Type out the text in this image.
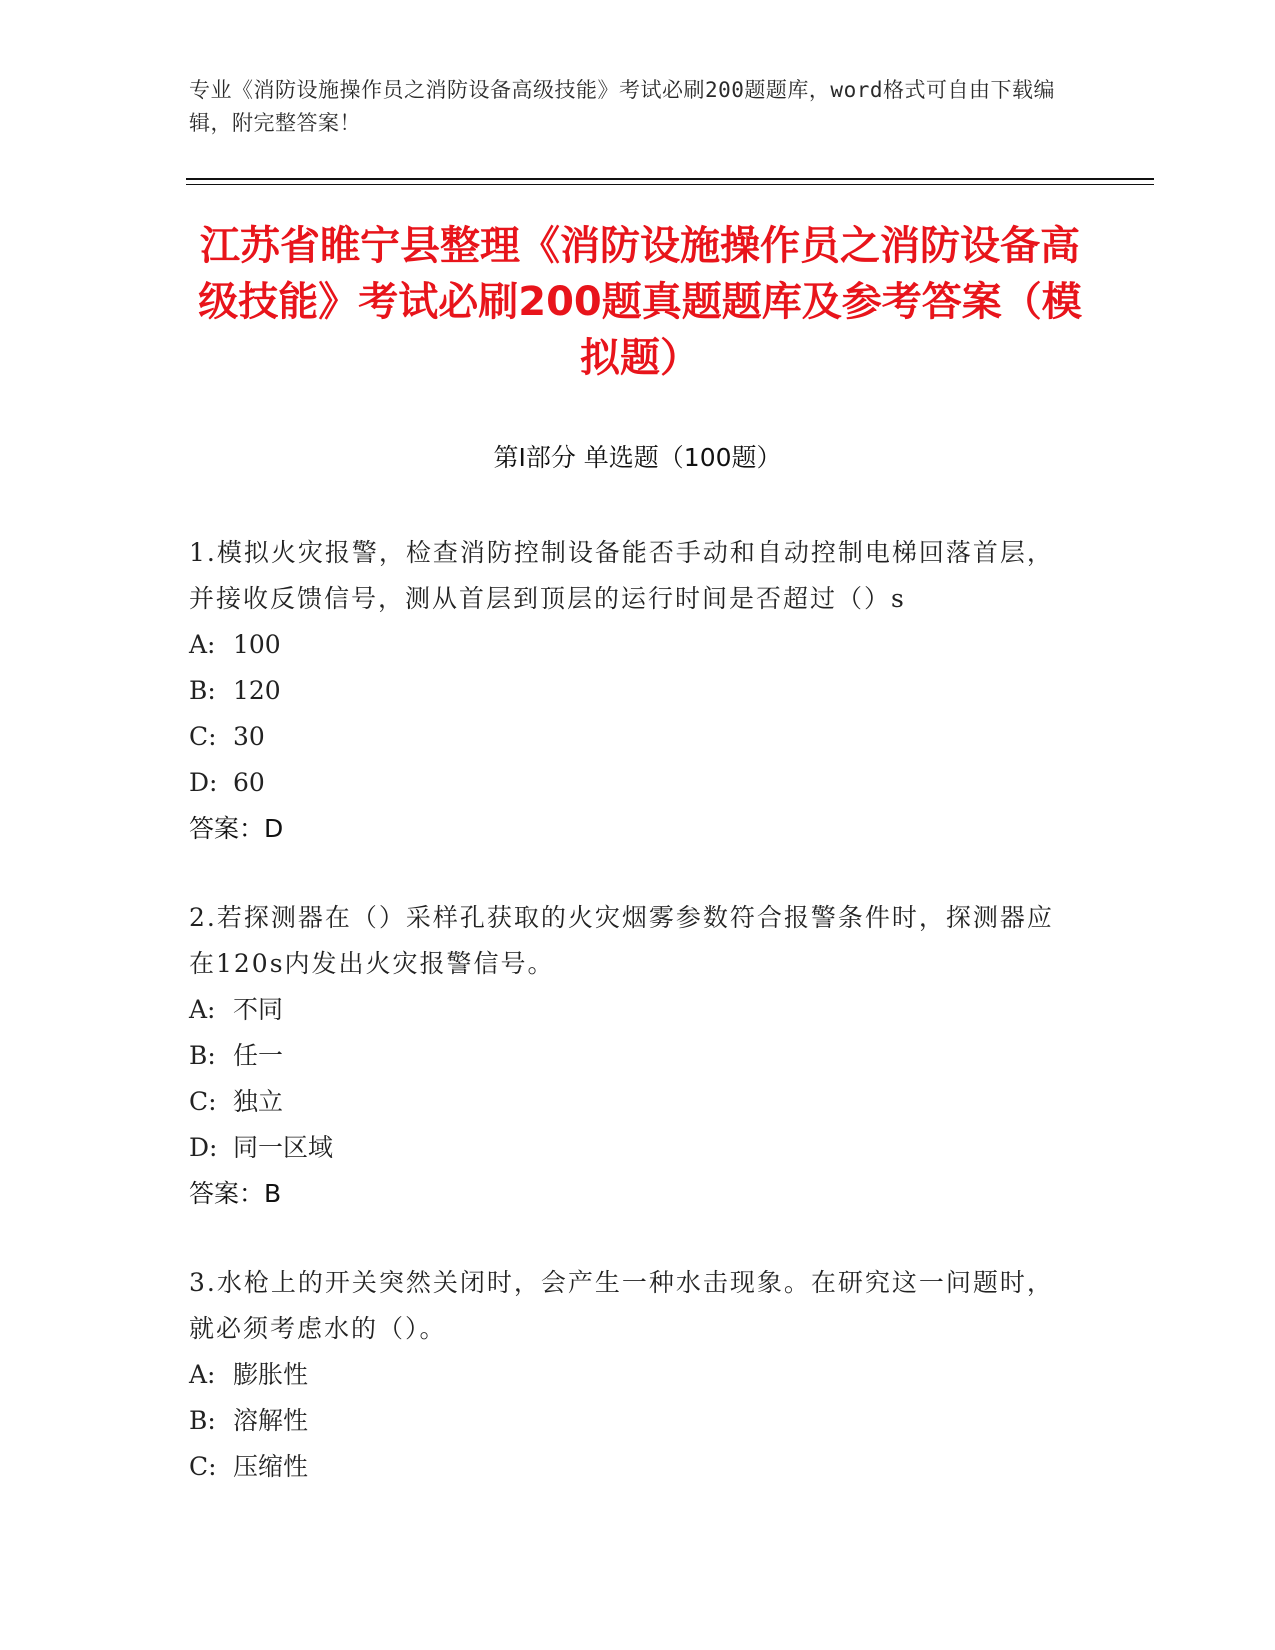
专业《消防设施操作员之消防设备高级技能》考试必刷200题题库，word格式可自由下载编辑，附完整答案！
江苏省睢宁县整理《消防设施操作员之消防设备高级技能》考试必刷200题真题题库及参考答案（模拟题）
第I部分 单选题（100题）
1.模拟火灾报警，检查消防控制设备能否手动和自动控制电梯回落首层，并接收反馈信号，测从首层到顶层的运行时间是否超过（）s
A: 100
B: 120
C: 30
D: 60
答案：D
2.若探测器在（）采样孔获取的火灾烟雾参数符合报警条件时，探测器应在120s内发出火灾报警信号。
A: 不同
B: 任一
C: 独立
D: 同一区域
答案：B
3.水枪上的开关突然关闭时，会产生一种水击现象。在研究这一问题时，就必须考虑水的（）。
A: 膨胀性
B: 溶解性
C: 压缩性
